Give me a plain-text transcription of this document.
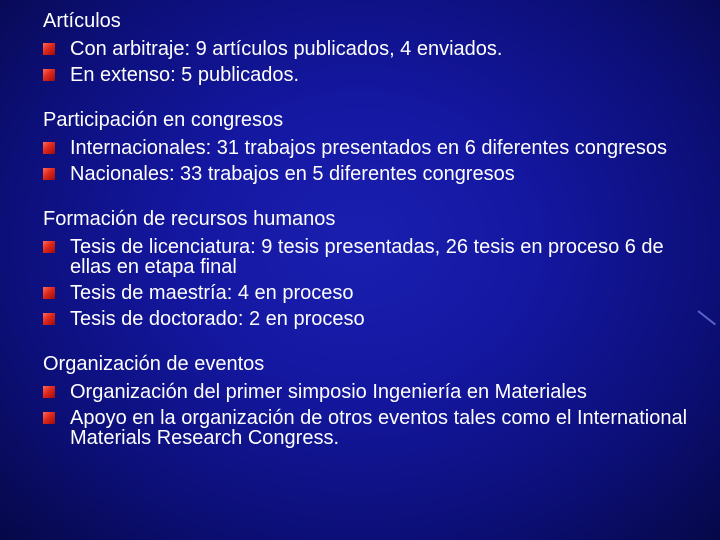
Artículos

Con arbitraje: 9 artículos publicados, 4 enviados.
En extenso: 5 publicados.

Participación en congresos

Internacionales: 31 trabajos presentados en 6 diferentes congresos
Nacionales: 33 trabajos en 5 diferentes congresos

Formación de recursos humanos

Tesis de licenciatura: 9 tesis presentadas, 26 tesis en proceso 6 de ellas en etapa final
Tesis de maestría: 4 en proceso
Tesis de doctorado: 2 en proceso

Organización de eventos

Organización del primer simposio Ingeniería en Materiales
Apoyo en la organización de otros eventos tales como el International Materials Research Congress.
